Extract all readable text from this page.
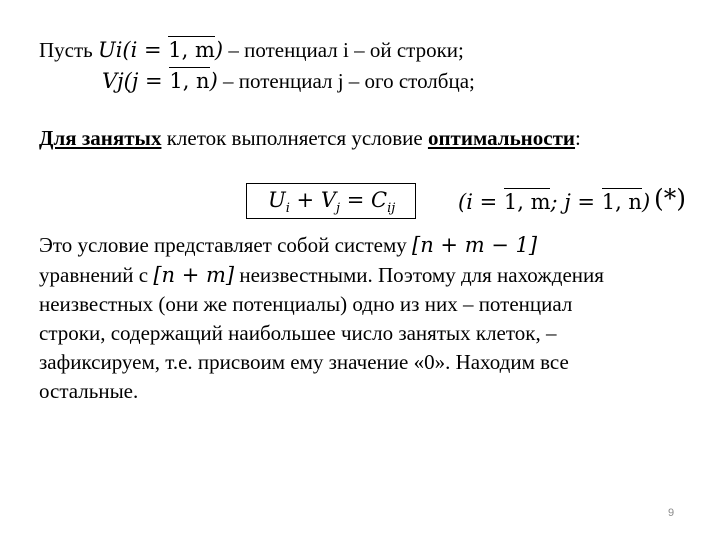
Пусть Ui(i = 1, m) – потенциал i – ой строки;
Vj(j = 1, n) – потенциал j – ого столбца;
Для занятых клеток выполняется условие оптимальности:
$U_i + V_j = C_{ij}$	(i = 1, m; j = 1, n) (*)
Это условие представляет собой систему [n + m − 1]
уравнений с [n + m] неизвестными. Поэтому для нахождения
неизвестных (они же потенциалы) одно из них – потенциал
строки, содержащий наибольшее число занятых клеток, –
зафиксируем, т.е. присвоим ему значение «0». Находим все
остальные.
9
